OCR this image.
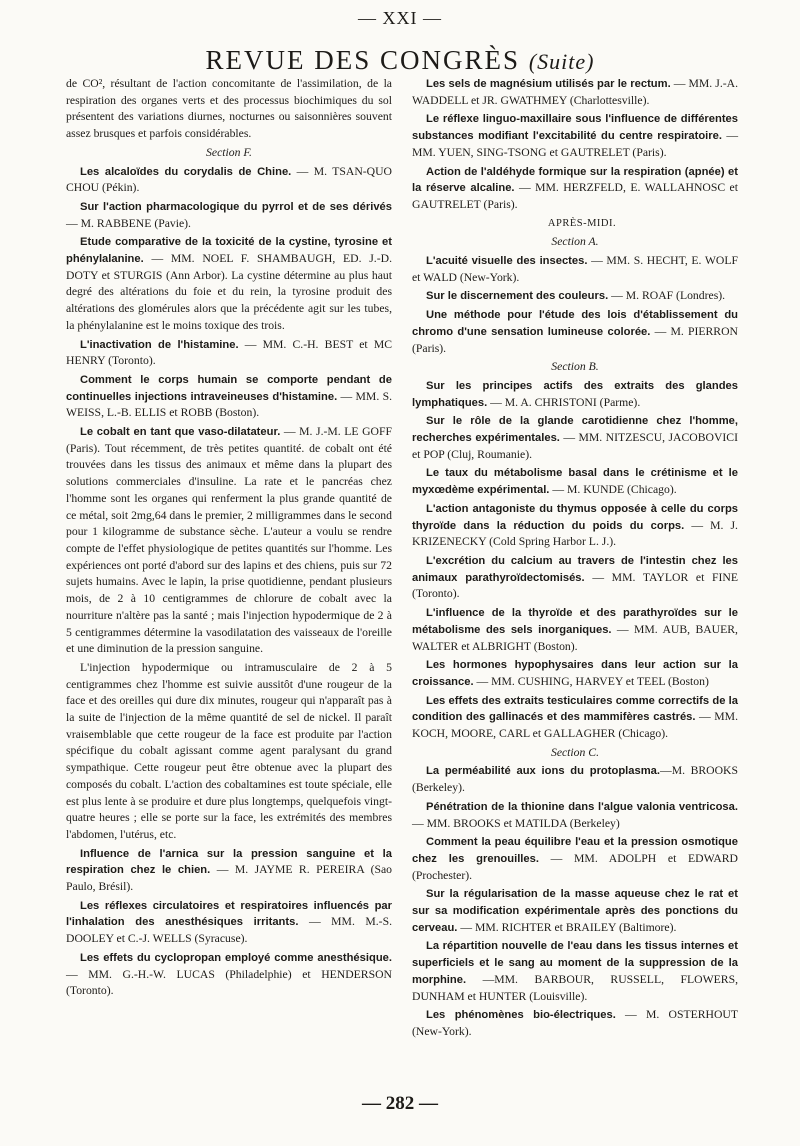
— XXI —
REVUE DES CONGRÈS (Suite)

de CO², résultant de l'action concomitante de l'assimilation, de la respiration des organes verts et des processus biochimiques du sol présentent des variations diurnes, nocturnes ou saisonnières souvent assez brusques et parfois considérables.

Section F.

Les alcaloïdes du corydalis de Chine. — M. TSAN-QUO CHOU (Pékin).

Sur l'action pharmacologique du pyrrol et de ses dérivés — M. RABBENE (Pavie).

Etude comparative de la toxicité de la cystine, tyrosine et phénylalanine. — MM. NOEL F. SHAMBAUGH, ED. J.-D. DOTY et STURGIS (Ann Arbor). La cystine détermine au plus haut degré des altérations du foie et du rein, la tyrosine produit des altérations des glomérules alors que la précédente agit sur les tubes, la phénylalanine est le moins toxique des trois.

L'inactivation de l'histamine. — MM. C.-H. BEST et MC HENRY (Toronto).

Comment le corps humain se comporte pendant de continuelles injections intraveineuses d'histamine. — MM. S. WEISS, L.-B. ELLIS et ROBB (Boston).

Le cobalt en tant que vaso-dilatateur. — M. J.-M. LE GOFF (Paris). Tout récemment, de très petites quantité. de cobalt ont été trouvées dans les tissus des animaux et même dans la plupart des solutions commerciales d'insuline. La rate et le pancréas chez l'homme sont les organes qui renferment la plus grande quantité de ce métal, soit 2mg,64 dans le premier, 2 milligrammes dans le second pour 1 kilogramme de substance sèche. L'auteur a voulu se rendre compte de l'effet physiologique de petites quantités sur l'homme. Les expériences ont porté d'abord sur des lapins et des chiens, puis sur 72 sujets humains. Avec le lapin, la prise quotidienne, pendant plusieurs mois, de 2 à 10 centigrammes de chlorure de cobalt avec la nourriture n'altère pas la santé ; mais l'injection hypodermique de 2 à 5 centigrammes détermine la vasodilatation des vaisseaux de l'oreille et une diminution de la pression sanguine.

L'injection hypodermique ou intramusculaire de 2 à 5 centigrammes chez l'homme est suivie aussitôt d'une rougeur de la face et des oreilles qui dure dix minutes, rougeur qui n'apparaît pas à la suite de l'injection de la même quantité de sel de nickel. Il paraît vraisemblable que cette rougeur de la face est produite par l'action spécifique du cobalt agissant comme agent paralysant du grand sympathique. Cette rougeur peut être obtenue avec la plupart des composés du cobalt. L'action des cobaltamines est toute spéciale, elle est plus lente à se produire et dure plus longtemps, quelquefois vingt-quatre heures ; elle se porte sur la face, les extrémités des membres l'abdomen, l'utérus, etc.

Influence de l'arnica sur la pression sanguine et la respiration chez le chien. — M. JAYME R. PEREIRA (Sao Paulo, Brésil).

Les réflexes circulatoires et respiratoires influencés par l'inhalation des anesthésiques irritants. — MM. M.-S. DOOLEY et C.-J. WELLS (Syracuse).

Les effets du cyclopropan employé comme anesthésique. — MM. G.-H.-W. LUCAS (Philadelphie) et HENDERSON (Toronto).

Les sels de magnésium utilisés par le rectum. — MM. J.-A. WADDELL et JR. GWATHMEY (Charlottesville).

Le réflexe linguo-maxillaire sous l'influence de différentes substances modifiant l'excitabilité du centre respiratoire. — MM. YUEN, SING-TSONG et GAUTRELET (Paris).

Action de l'aldéhyde formique sur la respiration (apnée) et la réserve alcaline. — MM. HERZFELD, E. WALLAHNOSC et GAUTRELET (Paris).

APRÈS-MIDI.

Section A.

L'acuité visuelle des insectes. — MM. S. HECHT, E. WOLF et WALD (New-York).

Sur le discernement des couleurs. — M. ROAF (Londres).

Une méthode pour l'étude des lois d'établissement du chromo d'une sensation lumineuse colorée. — M. PIERRON (Paris).

Section B.

Sur les principes actifs des extraits des glandes lymphatiques. — M. A. CHRISTONI (Parme).

Sur le rôle de la glande carotidienne chez l'homme, recherches expérimentales. — MM. NITZESCU, JACOBOVICI et POP (Cluj, Roumanie).

Le taux du métabolisme basal dans le crétinisme et le myxœdème expérimental. — M. KUNDE (Chicago).

L'action antagoniste du thymus opposée à celle du corps thyroïde dans la réduction du poids du corps. — M. J. KRIZENECKY (Cold Spring Harbor L. J.).

L'excrétion du calcium au travers de l'intestin chez les animaux parathyroïdectomisés. — MM. TAYLOR et FINE (Toronto).

L'influence de la thyroïde et des parathyroïdes sur le métabolisme des sels inorganiques. — MM. AUB, BAUER, WALTER et ALBRIGHT (Boston).

Les hormones hypophysaires dans leur action sur la croissance. — MM. CUSHING, HARVEY et TEEL (Boston)

Les effets des extraits testiculaires comme correctifs de la condition des gallinacés et des mammifères castrés. — MM. KOCH, MOORE, CARL et GALLAGHER (Chicago).

Section C.

La perméabilité aux ions du protoplasma.—M. BROOKS (Berkeley).

Pénétration de la thionine dans l'algue valonia ventricosa. — MM. BROOKS et MATILDA (Berkeley)

Comment la peau équilibre l'eau et la pression osmotique chez les grenouilles. — MM. ADOLPH et EDWARD (Prochester).

Sur la régularisation de la masse aqueuse chez le rat et sur sa modification expérimentale après des ponctions du cerveau. — MM. RICHTER et BRAILEY (Baltimore).

La répartition nouvelle de l'eau dans les tissus internes et superficiels et le sang au moment de la suppression de la morphine. —MM. BARBOUR, RUSSELL, FLOWERS, DUNHAM et HUNTER (Louisville).

Les phénomènes bio-électriques. — M. OSTERHOUT (New-York).

— 282 —
